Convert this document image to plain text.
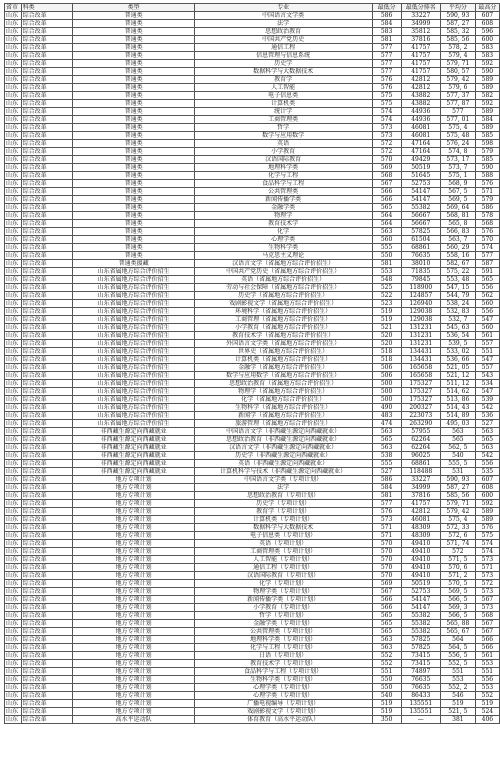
省市	科类	类型	专业	最低分	最低分排名	平均分	最高分
山东	综合改革	普通类	中国语言文学类	586	33227	590, 93	607
山东	综合改革	普通类	法学	584	34999	587, 27	608
山东	综合改革	普通类	思想政治教育	583	35812	585, 32	596
山东	综合改革	普通类	中国共产党历史	581	37816	585, 56	600
山东	综合改革	普通类	通信工程	577	41757	578, 2	583
山东	综合改革	普通类	信息管理与信息系统	577	41757	579, 4	583
山东	综合改革	普通类	历史学	577	41757	579, 71	592
山东	综合改革	普通类	数据科学与大数据技术	577	41757	580, 57	590
山东	综合改革	普通类	教育学	576	42812	579, 42	589
山东	综合改革	普通类	人工智能	576	42812	579, 6	589
山东	综合改革	普通类	电子信息类	575	43882	577, 37	582
山东	综合改革	普通类	计算机类	575	43882	577, 87	592
山东	综合改革	普通类	统计学	574	44936	577	589
山东	综合改革	普通类	工商管理类	574	44936	577, 01	584
山东	综合改革	普通类	哲学	573	46081	575, 4	589
山东	综合改革	普通类	数学与应用数学	573	46081	575, 48	585
山东	综合改革	普通类	英语	572	47164	576, 24	598
山东	综合改革	普通类	小学教育	572	47164	574, 8	579
山东	综合改革	普通类	汉语国际教育	570	49429	573, 17	585
山东	综合改革	普通类	地理科学类	569	50519	573, 7	590
山东	综合改革	普通类	化学与工程	568	51645	575, 1	588
山东	综合改革	普通类	食品科学与工程	567	52753	568, 9	576
山东	综合改革	普通类	公共管理类	566	54147	567, 5	571
山东	综合改革	普通类	新闻传播学类	566	54147	569, 5	579
山东	综合改革	普通类	金融学类	565	55382	569, 64	586
山东	综合改革	普通类	物理学	564	56667	568, 81	578
山东	综合改革	普通类	教育技术学	564	56667	565, 8	568
山东	综合改革	普通类	化学	563	57825	566, 83	576
山东	综合改革	普通类	心理学类	560	61504	563, 7	570
山东	综合改革	普通类	生物科学类	555	68861	560, 29	574
山东	综合改革	普通类	马克思主义理论	550	76635	558, 16	577
山东	综合改革	普通类援藏	汉语言文学（省属地方综合评价招生）	581	38010	582, 67	587
山东	综合改革	山东省属地方综合评价招生	中国共产党历史（省属地方综合评价招生）	553	71835	575, 22	591
山东	综合改革	山东省属地方综合评价招生	英语（省属地方综合评价招生）	548	79845	553, 48	565
山东	综合改革	山东省属地方综合评价招生	劳动与社会保障（省属地方综合评价招生）	525	118900	547, 15	556
山东	综合改革	山东省属地方综合评价招生	历史学（省属地方综合评价招生）	522	124857	544, 79	562
山东	综合改革	山东省属地方综合评价招生	戏剧影视文学（省属地方综合评价招生）	523	126940	538, 24	560
山东	综合改革	山东省属地方综合评价招生	环境科学（省属地方综合评价招生）	519	129038	532, 83	556
山东	综合改革	山东省属地方综合评价招生	工商管理（省属地方综合评价招生）	519	129038	532, 7	547
山东	综合改革	山东省属地方综合评价招生	小学教育（省属地方综合评价招生）	521	131231	545, 63	560
山东	综合改革	山东省属地方综合评价招生	教育技术学（省属地方综合评价招生）	520	131231	536, 54	561
山东	综合改革	山东省属地方综合评价招生	外国语言文学类（省属地方综合评价招生）	520	131231	539, 5	557
山东	综合改革	山东省属地方综合评价招生	世界史（省属地方综合评价招生）	518	134431	533, 02	551
山东	综合改革	山东省属地方综合评价招生	计算机类（省属地方综合评价招生）	518	134431	536, 66	547
山东	综合改革	山东省属地方综合评价招生	金融学（省属地方综合评价招生）	506	165658	521, 05	557
山东	综合改革	山东省属地方综合评价招生	数学与应用数学（省属地方综合评价招生）	506	165658	521, 12	543
山东	综合改革	山东省属地方综合评价招生	思想政治教育（省属地方综合评价招生）	500	175327	511, 12	534
山东	综合改革	山东省属地方综合评价招生	物理学（省属地方综合评价招生）	500	175327	514, 62	547
山东	综合改革	山东省属地方综合评价招生	化学（省属地方综合评价招生）	500	175327	513, 86	539
山东	综合改革	山东省属地方综合评价招生	生物科学（省属地方综合评价招生）	490	200327	514, 43	542
山东	综合改革	山东省属地方综合评价招生	新闻学（省属地方综合评价招生）	483	223073	514, 89	536
山东	综合改革	山东省属地方综合评价招生	旅游管理（省属地方综合评价招生）	474	263290	495, 03	527
山东	综合改革	非西藏生源定向西藏就业	中国语言文学（非西藏生源定向西藏就业）	563	57955	563	563
山东	综合改革	非西藏生源定向西藏就业	思想政治教育（非西藏生源定向西藏就业）	565	62264	565	565
山东	综合改革	非西藏生源定向西藏就业	汉语言文学（非西藏生源定向西藏就业）	563	62264	562, 5	563
山东	综合改革	非西藏生源定向西藏就业	历史学（非西藏生源定向西藏就业）	538	96025	540	542
山东	综合改革	非西藏生源定向西藏就业	英语（非西藏生源定向西藏就业）	555	68861	555, 5	556
山东	综合改革	非西藏生源定向西藏就业	计算机科学与技术（非西藏生源定向西藏就业）	527	118488	531	535
山东	综合改革	地方专项计划	中国语言文学类（专项计划）	586	33227	590, 93	607
山东	综合改革	地方专项计划	法学	584	34999	587, 27	608
山东	综合改革	地方专项计划	思想政治教育（专项计划）	581	37816	585, 56	600
山东	综合改革	地方专项计划	历史学（专项计划）	577	41757	579, 71	592
山东	综合改革	地方专项计划	教育学（专项计划）	576	42812	579, 42	589
山东	综合改革	地方专项计划	计算机类（专项计划）	573	46081	575, 4	589
山东	综合改革	地方专项计划	数据科学与大数据技术	571	48309	572, 33	576
山东	综合改革	地方专项计划	电子信息类（专项计划）	571	48309	572, 6	575
山东	综合改革	地方专项计划	英语（专项计划）	570	49410	571, 74	574
山东	综合改革	地方专项计划	工商管理类（专项计划）	570	49410	572	574
山东	综合改革	地方专项计划	人工智能（专项计划）	570	49410	571, 5	573
山东	综合改革	地方专项计划	通信工程（专项计划）	570	49410	570, 6	571
山东	综合改革	地方专项计划	汉语国际教育（专项计划）	570	49410	571, 2	573
山东	综合改革	地方专项计划	化学（专项计划）	569	50519	570, 5	572
山东	综合改革	地方专项计划	物理学类（专项计划）	567	52753	569, 5	573
山东	综合改革	地方专项计划	新闻传播学类（专项计划）	566	54147	566, 5	567
山东	综合改革	地方专项计划	小学教育（专项计划）	566	54147	569, 3	573
山东	综合改革	地方专项计划	哲学（专项计划）	565	55382	566, 5	568
山东	综合改革	地方专项计划	金融学类（专项计划）	565	55382	565, 88	567
山东	综合改革	地方专项计划	公共管理类（专项计划）	565	55382	565, 67	567
山东	综合改革	地方专项计划	地理科学类（专项计划）	563	57825	564	566
山东	综合改革	地方专项计划	化学与工程（专项计划）	563	57825	564, 5	566
山东	综合改革	地方专项计划	日语（专项计划）	552	73415	556, 5	561
山东	综合改革	地方专项计划	教育技术学（专项计划）	552	73415	552, 5	553
山东	综合改革	地方专项计划	食品科学与工程（专项计划）	551	74897	551	551
山东	综合改革	地方专项计划	生物科学类（专项计划）	550	76635	553	556
山东	综合改革	地方专项计划	心理学类（专项计划）	550	76635	552, 2	553
山东	综合改革	地方专项计划	心理学类（专项计划）	540	86433	546	552
山东	综合改革	地方专项计划	广播电视编导（专项计划）	519	135551	519	519
山东	综合改革	地方专项计划	戏剧影视文学（专项计划）	519	135551	521, 5	524
山东	综合改革	高水平运动队	体育教育（高水平运动队）	350	—	381	406
